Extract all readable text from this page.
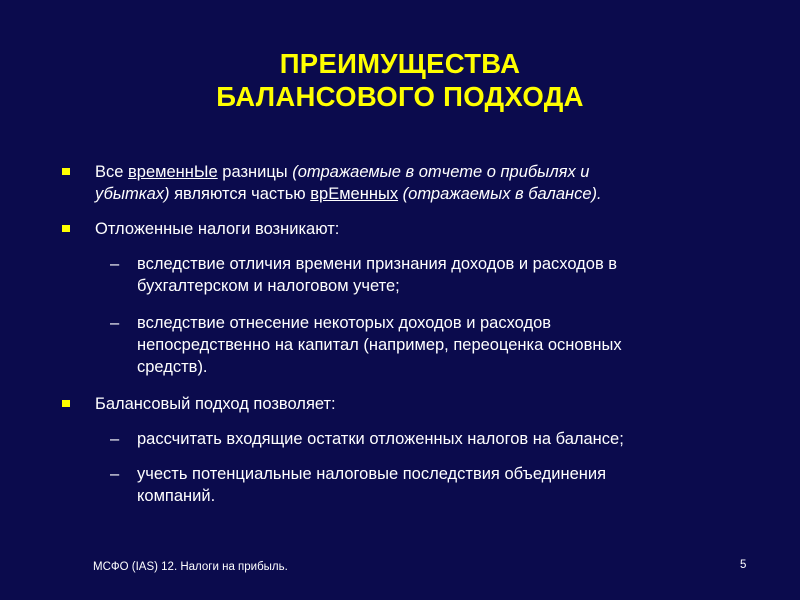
ПРЕИМУЩЕСТВА
БАЛАНСОВОГО ПОДХОДА
Все временнЫе разницы (отражаемые в отчете о прибылях и
убытках) являются частью врЕменных (отражаемых в балансе).
Отложенные налоги возникают:
– вследствие отличия времени признания доходов и расходов в
бухгалтерском и налоговом учете;
– вследствие отнесение некоторых доходов и расходов
непосредственно на капитал (например, переоценка основных
средств).
Балансовый подход позволяет:
– рассчитать входящие остатки отложенных налогов на балансе;
– учесть потенциальные налоговые последствия объединения
компаний.
МСФО (IAS) 12. Налоги на прибыль.	5
